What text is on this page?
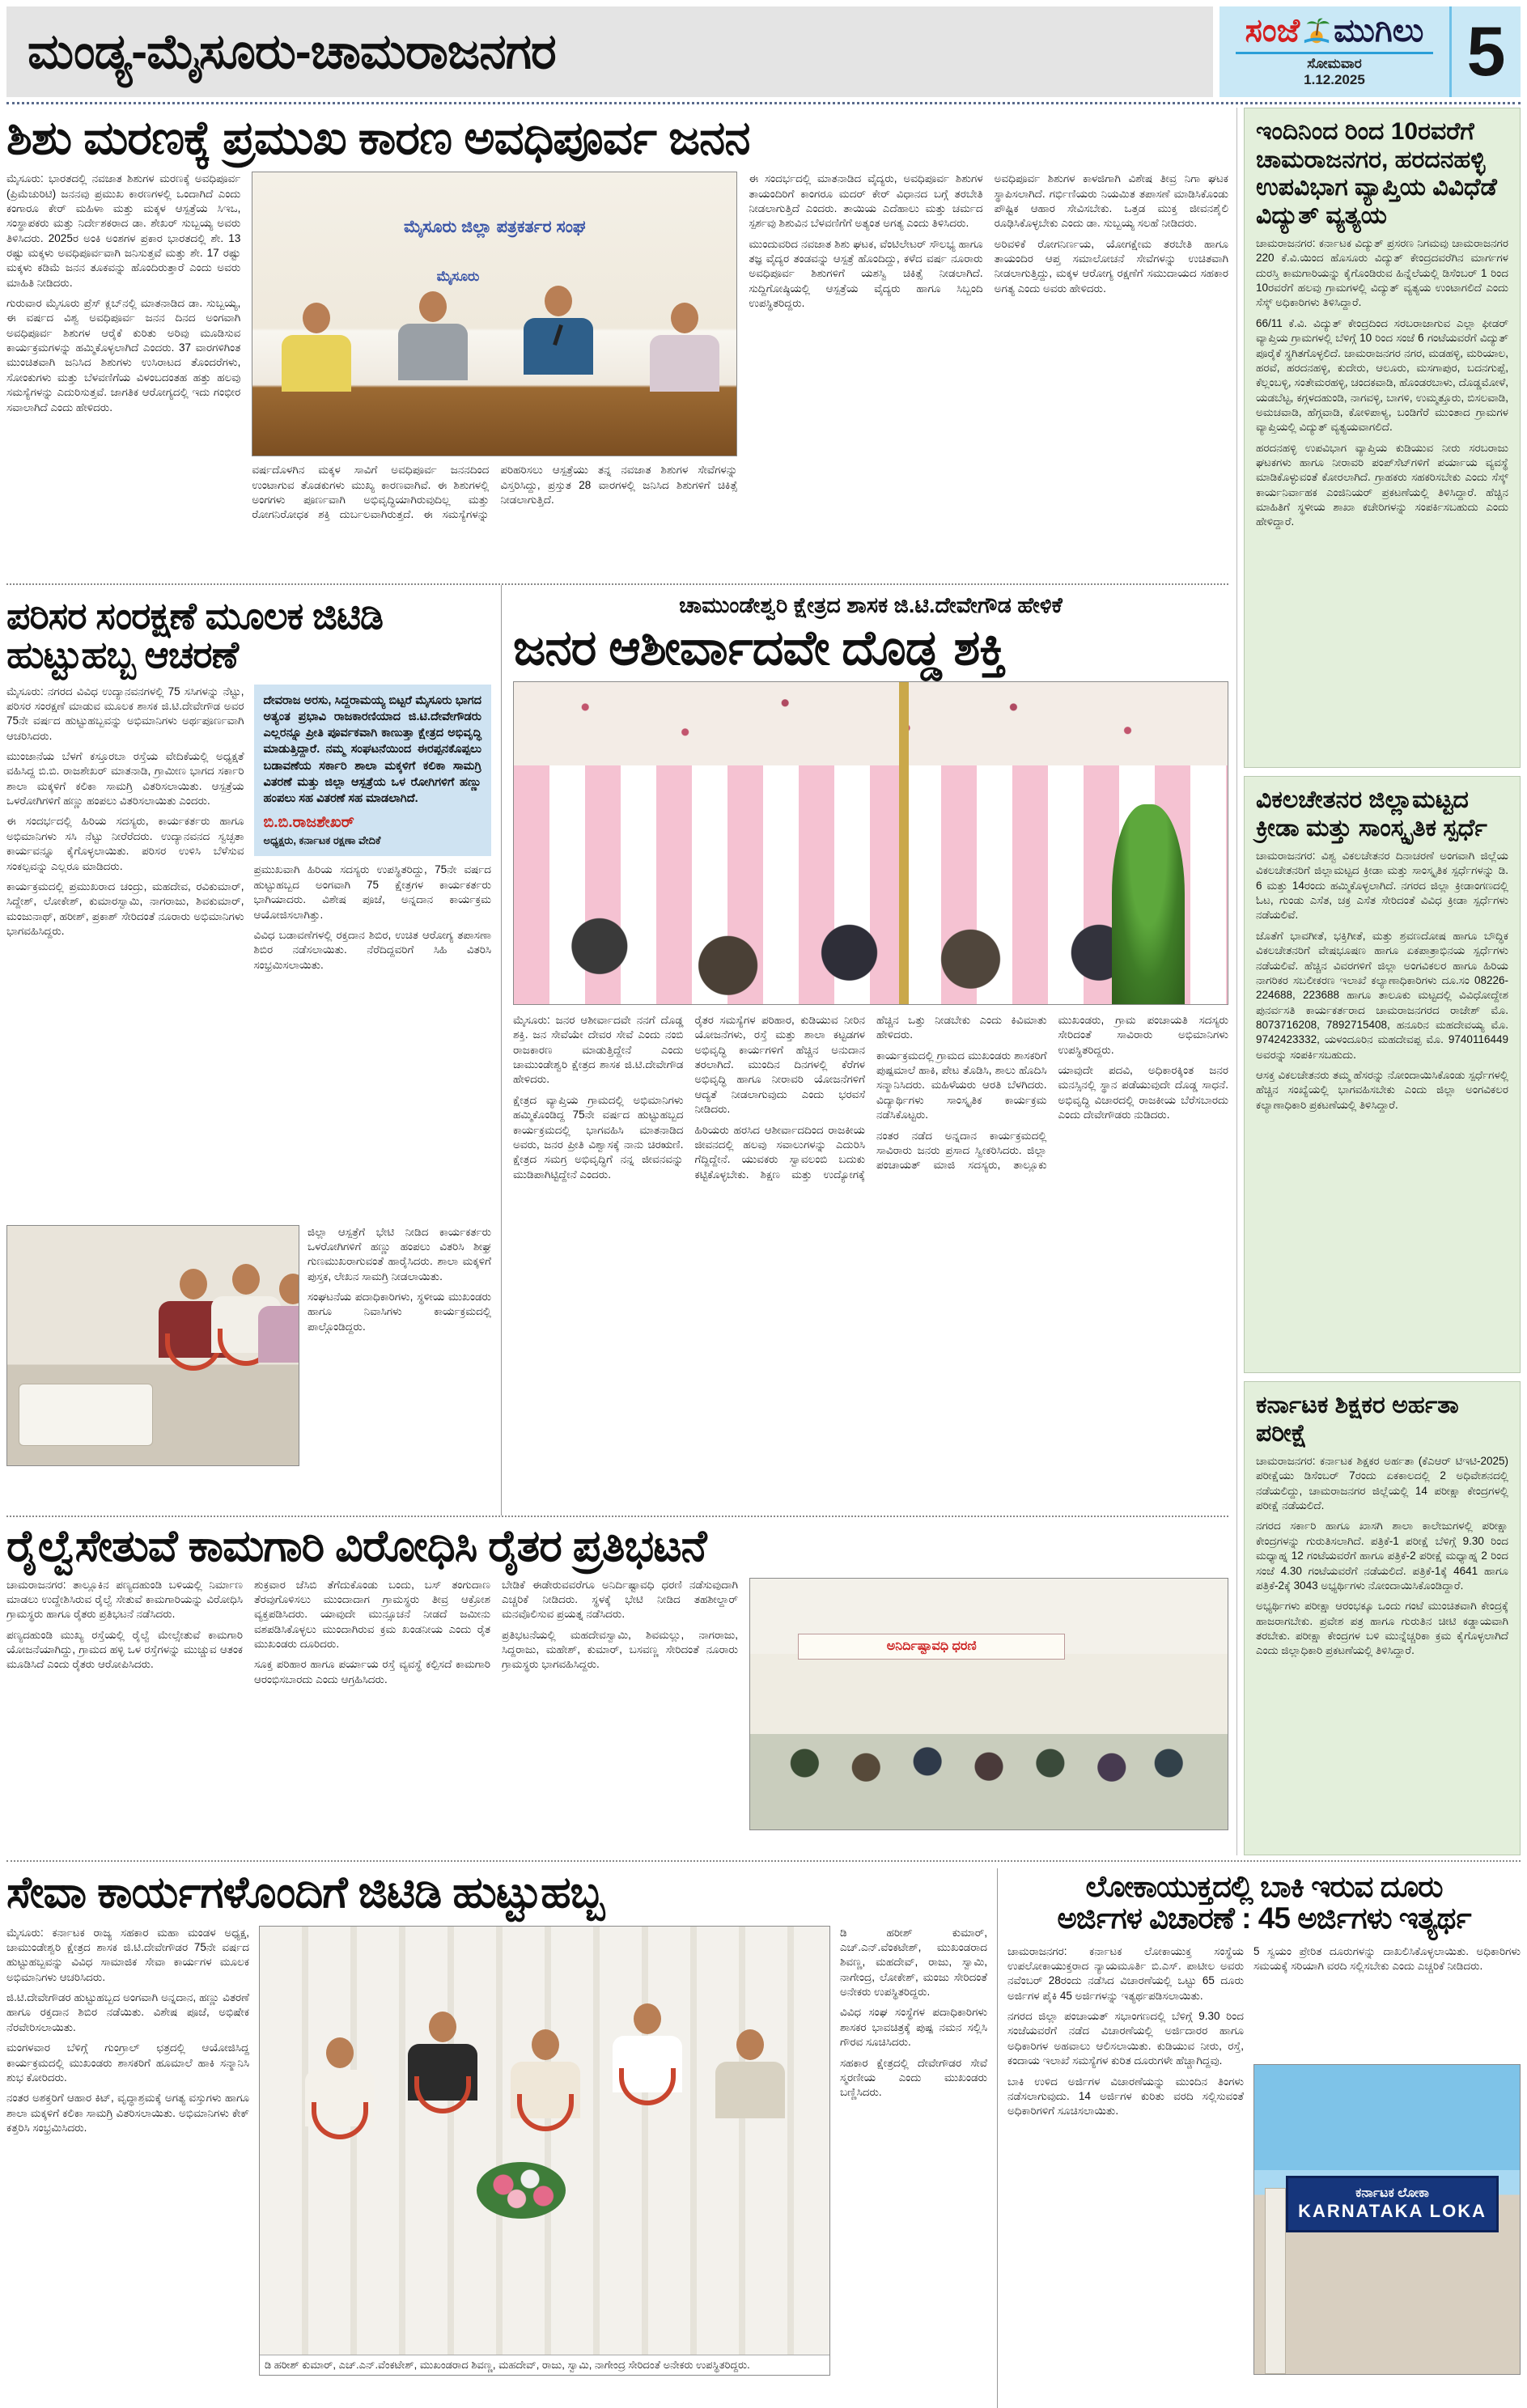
ಮಂಡ್ಯ-ಮೈಸೂರು-ಚಾಮರಾಜನಗರ	ಸಂಜೆ ಮುಗಿಲು
ಸೋಮವಾರ
1.12.2025	5
ಶಿಶು ಮರಣಕ್ಕೆ ಪ್ರಮುಖ ಕಾರಣ ಅವಧಿಪೂರ್ವ ಜನನ

ಮೈಸೂರು: ಭಾರತದಲ್ಲಿ ನವಜಾತ ಶಿಶುಗಳ ಮರಣಕ್ಕೆ ಅವಧಿಪೂರ್ವ (ಪ್ರಿಮೆಚುರಿಟಿ) ಜನನವು ಪ್ರಮುಖ ಕಾರಣಗಳಲ್ಲಿ ಒಂದಾಗಿದೆ ಎಂದು ಕಂಗಾರೂ ಕೇರ್ ಮಹಿಳಾ ಮತ್ತು ಮಕ್ಕಳ ಆಸ್ಪತ್ರೆಯ ಸಿಇಒ, ಸಂಸ್ಥಾಪಕರು ಮತ್ತು ನಿರ್ದೇಶಕರಾದ ಡಾ. ಶೇಖರ್ ಸುಬ್ಬಯ್ಯ ಅವರು ತಿಳಿಸಿದರು. 2025ರ ಅಂಕಿ ಅಂಶಗಳ ಪ್ರಕಾರ ಭಾರತದಲ್ಲಿ ಶೇ. 13 ರಷ್ಟು ಮಕ್ಕಳು ಅವಧಿಪೂರ್ವವಾಗಿ ಜನಿಸುತ್ತವೆ ಮತ್ತು ಶೇ. 17 ರಷ್ಟು ಮಕ್ಕಳು ಕಡಿಮೆ ಜನನ ತೂಕವನ್ನು ಹೊಂದಿರುತ್ತಾರೆ ಎಂದು ಅವರು ಮಾಹಿತಿ ನೀಡಿದರು.

ಗುರುವಾರ ಮೈಸೂರು ಪ್ರೆಸ್ ಕ್ಲಬ್‌ನಲ್ಲಿ ಮಾತನಾಡಿದ ಡಾ. ಸುಬ್ಬಯ್ಯ, ಈ ವರ್ಷದ ವಿಶ್ವ ಅವಧಿಪೂರ್ವ ಜನನ ದಿನದ ಅಂಗವಾಗಿ ಅವಧಿಪೂರ್ವ ಶಿಶುಗಳ ಆರೈಕೆ ಕುರಿತು ಅರಿವು ಮೂಡಿಸುವ ಕಾರ್ಯಕ್ರಮಗಳನ್ನು ಹಮ್ಮಿಕೊಳ್ಳಲಾಗಿದೆ ಎಂದರು. 37 ವಾರಗಳಿಗಿಂತ ಮುಂಚಿತವಾಗಿ ಜನಿಸಿದ ಶಿಶುಗಳು ಉಸಿರಾಟದ ತೊಂದರೆಗಳು, ಸೋಂಕುಗಳು ಮತ್ತು ಬೆಳವಣಿಗೆಯ ವಿಳಂಬದಂತಹ ಹತ್ತು ಹಲವು ಸಮಸ್ಯೆಗಳನ್ನು ಎದುರಿಸುತ್ತವೆ. ಜಾಗತಿಕ ಆರೋಗ್ಯದಲ್ಲಿ ಇದು ಗಂಭೀರ ಸವಾಲಾಗಿದೆ ಎಂದು ಹೇಳಿದರು.

ಮೈಸೂರು ಜಿಲ್ಲಾ ಪತ್ರಕರ್ತರ ಸಂಘ
ಮೈಸೂರು

ವರ್ಷದೊಳಗಿನ ಮಕ್ಕಳ ಸಾವಿಗೆ ಅವಧಿಪೂರ್ವ ಜನನದಿಂದ ಉಂಟಾಗುವ ತೊಡಕುಗಳು ಮುಖ್ಯ ಕಾರಣವಾಗಿವೆ. ಈ ಶಿಶುಗಳಲ್ಲಿ ಅಂಗಗಳು ಪೂರ್ಣವಾಗಿ ಅಭಿವೃದ್ಧಿಯಾಗಿರುವುದಿಲ್ಲ ಮತ್ತು ರೋಗನಿರೋಧಕ ಶಕ್ತಿ ದುರ್ಬಲವಾಗಿರುತ್ತದೆ. ಈ ಸಮಸ್ಯೆಗಳನ್ನು ಪರಿಹರಿಸಲು ಆಸ್ಪತ್ರೆಯು ತನ್ನ ನವಜಾತ ಶಿಶುಗಳ ಸೇವೆಗಳನ್ನು ವಿಸ್ತರಿಸಿದ್ದು, ಪ್ರಸ್ತುತ 28 ವಾರಗಳಲ್ಲಿ ಜನಿಸಿದ ಶಿಶುಗಳಿಗೆ ಚಿಕಿತ್ಸೆ ನೀಡಲಾಗುತ್ತಿದೆ.

ಈ ಸಂದರ್ಭದಲ್ಲಿ ಮಾತನಾಡಿದ ವೈದ್ಯರು, ಅವಧಿಪೂರ್ವ ಶಿಶುಗಳ ತಾಯಂದಿರಿಗೆ ಕಾಂಗರೂ ಮದರ್ ಕೇರ್ ವಿಧಾನದ ಬಗ್ಗೆ ತರಬೇತಿ ನೀಡಲಾಗುತ್ತಿದೆ ಎಂದರು. ತಾಯಿಯ ಎದೆಹಾಲು ಮತ್ತು ಚರ್ಮದ ಸ್ಪರ್ಶವು ಶಿಶುವಿನ ಬೆಳವಣಿಗೆಗೆ ಅತ್ಯಂತ ಅಗತ್ಯ ಎಂದು ತಿಳಿಸಿದರು.

ಮುಂದುವರಿದ ನವಜಾತ ಶಿಶು ಘಟಕ, ವೆಂಟಿಲೇಟರ್ ಸೌಲಭ್ಯ ಹಾಗೂ ತಜ್ಞ ವೈದ್ಯರ ತಂಡವನ್ನು ಆಸ್ಪತ್ರೆ ಹೊಂದಿದ್ದು, ಕಳೆದ ವರ್ಷ ನೂರಾರು ಅವಧಿಪೂರ್ವ ಶಿಶುಗಳಿಗೆ ಯಶಸ್ವಿ ಚಿಕಿತ್ಸೆ ನೀಡಲಾಗಿದೆ. ಸುದ್ದಿಗೋಷ್ಠಿಯಲ್ಲಿ ಆಸ್ಪತ್ರೆಯ ವೈದ್ಯರು ಹಾಗೂ ಸಿಬ್ಬಂದಿ ಉಪಸ್ಥಿತರಿದ್ದರು.

ಅವಧಿಪೂರ್ವ ಶಿಶುಗಳ ಕಾಳಜಿಗಾಗಿ ವಿಶೇಷ ತೀವ್ರ ನಿಗಾ ಘಟಕ ಸ್ಥಾಪಿಸಲಾಗಿದೆ. ಗರ್ಭಿಣಿಯರು ನಿಯಮಿತ ತಪಾಸಣೆ ಮಾಡಿಸಿಕೊಂಡು ಪೌಷ್ಟಿಕ ಆಹಾರ ಸೇವಿಸಬೇಕು. ಒತ್ತಡ ಮುಕ್ತ ಜೀವನಶೈಲಿ ರೂಢಿಸಿಕೊಳ್ಳಬೇಕು ಎಂದು ಡಾ. ಸುಬ್ಬಯ್ಯ ಸಲಹೆ ನೀಡಿದರು.

ಅರಿವಳಿಕೆ ರೋಗನಿರ್ಣಯ, ಯೋಗಕ್ಷೇಮ ತರಬೇತಿ ಹಾಗೂ ತಾಯಂದಿರ ಆಪ್ತ ಸಮಾಲೋಚನೆ ಸೇವೆಗಳನ್ನು ಉಚಿತವಾಗಿ ನೀಡಲಾಗುತ್ತಿದ್ದು, ಮಕ್ಕಳ ಆರೋಗ್ಯ ರಕ್ಷಣೆಗೆ ಸಮುದಾಯದ ಸಹಕಾರ ಅಗತ್ಯ ಎಂದು ಅವರು ಹೇಳಿದರು.

ಪರಿಸರ ಸಂರಕ್ಷಣೆ ಮೂಲಕ ಜಿಟಿಡಿ ಹುಟ್ಟುಹಬ್ಬ ಆಚರಣೆ

ಮೈಸೂರು: ನಗರದ ವಿವಿಧ ಉದ್ಯಾನವನಗಳಲ್ಲಿ 75 ಸಸಿಗಳನ್ನು ನೆಟ್ಟು, ಪರಿಸರ ಸಂರಕ್ಷಣೆ ಮಾಡುವ ಮೂಲಕ ಶಾಸಕ ಜಿ.ಟಿ.ದೇವೇಗೌಡ ಅವರ 75ನೇ ವರ್ಷದ ಹುಟ್ಟುಹಬ್ಬವನ್ನು ಅಭಿಮಾನಿಗಳು ಅರ್ಥಪೂರ್ಣವಾಗಿ ಆಚರಿಸಿದರು.

ಮುಂಜಾನೆಯ ಬೆಳಗೆ ಕಸ್ತೂರಬಾ ರಸ್ತೆಯ ವೇದಿಕೆಯಲ್ಲಿ ಅಧ್ಯಕ್ಷತೆ ವಹಿಸಿದ್ದ ಬಿ.ಬಿ. ರಾಜಶೇಖರ್ ಮಾತನಾಡಿ, ಗ್ರಾಮೀಣ ಭಾಗದ ಸರ್ಕಾರಿ ಶಾಲಾ ಮಕ್ಕಳಿಗೆ ಕಲಿಕಾ ಸಾಮಗ್ರಿ ವಿತರಿಸಲಾಯಿತು. ಆಸ್ಪತ್ರೆಯ ಒಳರೋಗಿಗಳಿಗೆ ಹಣ್ಣು ಹಂಪಲು ವಿತರಿಸಲಾಯಿತು ಎಂದರು.

ಈ ಸಂದರ್ಭದಲ್ಲಿ ಹಿರಿಯ ಸದಸ್ಯರು, ಕಾರ್ಯಕರ್ತರು ಹಾಗೂ ಅಭಿಮಾನಿಗಳು ಸಸಿ ನೆಟ್ಟು ನೀರೆರೆದರು. ಉದ್ಯಾನವನದ ಸ್ವಚ್ಛತಾ ಕಾರ್ಯವನ್ನೂ ಕೈಗೊಳ್ಳಲಾಯಿತು. ಪರಿಸರ ಉಳಿಸಿ ಬೆಳೆಸುವ ಸಂಕಲ್ಪವನ್ನು ಎಲ್ಲರೂ ಮಾಡಿದರು.

ಕಾರ್ಯಕ್ರಮದಲ್ಲಿ ಪ್ರಮುಖರಾದ ಚಂದ್ರು, ಮಹದೇವ, ರವಿಕುಮಾರ್, ಸಿದ್ದೇಶ್, ಲೋಕೇಶ್, ಕುಮಾರಸ್ವಾಮಿ, ನಾಗರಾಜು, ಶಿವಕುಮಾರ್, ಮಂಜುನಾಥ್, ಹರೀಶ್, ಪ್ರಕಾಶ್ ಸೇರಿದಂತೆ ನೂರಾರು ಅಭಿಮಾನಿಗಳು ಭಾಗವಹಿಸಿದ್ದರು.

ದೇವರಾಜ ಅರಸು, ಸಿದ್ದರಾಮಯ್ಯ ಬಿಟ್ಟರೆ ಮೈಸೂರು ಭಾಗದ ಅತ್ಯಂತ ಪ್ರಭಾವಿ ರಾಜಕಾರಣಿಯಾದ ಜಿ.ಟಿ.ದೇವೇಗೌಡರು ಎಲ್ಲರನ್ನೂ ಪ್ರೀತಿ ಪೂರ್ವಕವಾಗಿ ಕಾಣುತ್ತಾ ಕ್ಷೇತ್ರದ ಅಭಿವೃದ್ಧಿ ಮಾಡುತ್ತಿದ್ದಾರೆ. ನಮ್ಮ ಸಂಘಟನೆಯಿಂದ ಈರಪ್ಪನಕೊಪ್ಪಲು ಬಡಾವಣೆಯ ಸರ್ಕಾರಿ ಶಾಲಾ ಮಕ್ಕಳಿಗೆ ಕಲಿಕಾ ಸಾಮಗ್ರಿ ವಿತರಣೆ ಮತ್ತು ಜಿಲ್ಲಾ ಆಸ್ಪತ್ರೆಯ ಒಳ ರೋಗಿಗಳಿಗೆ ಹಣ್ಣು ಹಂಪಲು ಸಹ ವಿತರಣೆ ಸಹ ಮಾಡಲಾಗಿದೆ.
ಬಿ.ಬಿ.ರಾಜಶೇಖರ್
ಅಧ್ಯಕ್ಷರು, ಕರ್ನಾಟಕ ರಕ್ಷಣಾ ವೇದಿಕೆ

ಪ್ರಮುಖವಾಗಿ ಹಿರಿಯ ಸದಸ್ಯರು ಉಪಸ್ಥಿತರಿದ್ದು, 75ನೇ ವರ್ಷದ ಹುಟ್ಟುಹಬ್ಬದ ಅಂಗವಾಗಿ 75 ಕ್ಷೇತ್ರಗಳ ಕಾರ್ಯಕರ್ತರು ಭಾಗಿಯಾದರು. ವಿಶೇಷ ಪೂಜೆ, ಅನ್ನದಾನ ಕಾರ್ಯಕ್ರಮ ಆಯೋಜಿಸಲಾಗಿತ್ತು.

ವಿವಿಧ ಬಡಾವಣೆಗಳಲ್ಲಿ ರಕ್ತದಾನ ಶಿಬಿರ, ಉಚಿತ ಆರೋಗ್ಯ ತಪಾಸಣಾ ಶಿಬಿರ ನಡೆಸಲಾಯಿತು. ನೆರೆದಿದ್ದವರಿಗೆ ಸಿಹಿ ವಿತರಿಸಿ ಸಂಭ್ರಮಿಸಲಾಯಿತು.

ಜಿಲ್ಲಾ ಆಸ್ಪತ್ರೆಗೆ ಭೇಟಿ ನೀಡಿದ ಕಾರ್ಯಕರ್ತರು ಒಳರೋಗಿಗಳಿಗೆ ಹಣ್ಣು ಹಂಪಲು ವಿತರಿಸಿ ಶೀಘ್ರ ಗುಣಮುಖರಾಗುವಂತೆ ಹಾರೈಸಿದರು. ಶಾಲಾ ಮಕ್ಕಳಿಗೆ ಪುಸ್ತಕ, ಲೇಖನ ಸಾಮಗ್ರಿ ನೀಡಲಾಯಿತು.

ಸಂಘಟನೆಯ ಪದಾಧಿಕಾರಿಗಳು, ಸ್ಥಳೀಯ ಮುಖಂಡರು ಹಾಗೂ ನಿವಾಸಿಗಳು ಕಾರ್ಯಕ್ರಮದಲ್ಲಿ ಪಾಲ್ಗೊಂಡಿದ್ದರು.

ಚಾಮುಂಡೇಶ್ವರಿ ಕ್ಷೇತ್ರದ ಶಾಸಕ ಜಿ.ಟಿ.ದೇವೇಗೌಡ ಹೇಳಿಕೆ
ಜನರ ಆಶೀರ್ವಾದವೇ ದೊಡ್ಡ ಶಕ್ತಿ

ಮೈಸೂರು: ಜನರ ಆಶೀರ್ವಾದವೇ ನನಗೆ ದೊಡ್ಡ ಶಕ್ತಿ. ಜನ ಸೇವೆಯೇ ದೇವರ ಸೇವೆ ಎಂದು ನಂಬಿ ರಾಜಕಾರಣ ಮಾಡುತ್ತಿದ್ದೇನೆ ಎಂದು ಚಾಮುಂಡೇಶ್ವರಿ ಕ್ಷೇತ್ರದ ಶಾಸಕ ಜಿ.ಟಿ.ದೇವೇಗೌಡ ಹೇಳಿದರು.

ಕ್ಷೇತ್ರದ ವ್ಯಾಪ್ತಿಯ ಗ್ರಾಮದಲ್ಲಿ ಅಭಿಮಾನಿಗಳು ಹಮ್ಮಿಕೊಂಡಿದ್ದ 75ನೇ ವರ್ಷದ ಹುಟ್ಟುಹಬ್ಬದ ಕಾರ್ಯಕ್ರಮದಲ್ಲಿ ಭಾಗವಹಿಸಿ ಮಾತನಾಡಿದ ಅವರು, ಜನರ ಪ್ರೀತಿ ವಿಶ್ವಾಸಕ್ಕೆ ನಾನು ಚಿರಋಣಿ. ಕ್ಷೇತ್ರದ ಸಮಗ್ರ ಅಭಿವೃದ್ಧಿಗೆ ನನ್ನ ಜೀವನವನ್ನು ಮುಡಿಪಾಗಿಟ್ಟಿದ್ದೇನೆ ಎಂದರು.

ರೈತರ ಸಮಸ್ಯೆಗಳ ಪರಿಹಾರ, ಕುಡಿಯುವ ನೀರಿನ ಯೋಜನೆಗಳು, ರಸ್ತೆ ಮತ್ತು ಶಾಲಾ ಕಟ್ಟಡಗಳ ಅಭಿವೃದ್ಧಿ ಕಾರ್ಯಗಳಿಗೆ ಹೆಚ್ಚಿನ ಅನುದಾನ ತರಲಾಗಿದೆ. ಮುಂದಿನ ದಿನಗಳಲ್ಲಿ ಕೆರೆಗಳ ಅಭಿವೃದ್ಧಿ ಹಾಗೂ ನೀರಾವರಿ ಯೋಜನೆಗಳಿಗೆ ಆದ್ಯತೆ ನೀಡಲಾಗುವುದು ಎಂದು ಭರವಸೆ ನೀಡಿದರು.

ಹಿರಿಯರು ಹರಸಿದ ಆಶೀರ್ವಾದದಿಂದ ರಾಜಕೀಯ ಜೀವನದಲ್ಲಿ ಹಲವು ಸವಾಲುಗಳನ್ನು ಎದುರಿಸಿ ಗೆದ್ದಿದ್ದೇನೆ. ಯುವಕರು ಸ್ವಾವಲಂಬಿ ಬದುಕು ಕಟ್ಟಿಕೊಳ್ಳಬೇಕು. ಶಿಕ್ಷಣ ಮತ್ತು ಉದ್ಯೋಗಕ್ಕೆ ಹೆಚ್ಚಿನ ಒತ್ತು ನೀಡಬೇಕು ಎಂದು ಕಿವಿಮಾತು ಹೇಳಿದರು.

ಕಾರ್ಯಕ್ರಮದಲ್ಲಿ ಗ್ರಾಮದ ಮುಖಂಡರು ಶಾಸಕರಿಗೆ ಪುಷ್ಪಮಾಲೆ ಹಾಕಿ, ಪೇಟ ತೊಡಿಸಿ, ಶಾಲು ಹೊದಿಸಿ ಸನ್ಮಾನಿಸಿದರು. ಮಹಿಳೆಯರು ಆರತಿ ಬೆಳಗಿದರು. ವಿದ್ಯಾರ್ಥಿಗಳು ಸಾಂಸ್ಕೃತಿಕ ಕಾರ್ಯಕ್ರಮ ನಡೆಸಿಕೊಟ್ಟರು.

ನಂತರ ನಡೆದ ಅನ್ನದಾನ ಕಾರ್ಯಕ್ರಮದಲ್ಲಿ ಸಾವಿರಾರು ಜನರು ಪ್ರಸಾದ ಸ್ವೀಕರಿಸಿದರು. ಜಿಲ್ಲಾ ಪಂಚಾಯತ್ ಮಾಜಿ ಸದಸ್ಯರು, ತಾಲ್ಲೂಕು ಮುಖಂಡರು, ಗ್ರಾಮ ಪಂಚಾಯತಿ ಸದಸ್ಯರು ಸೇರಿದಂತೆ ಸಾವಿರಾರು ಅಭಿಮಾನಿಗಳು ಉಪಸ್ಥಿತರಿದ್ದರು.

ಯಾವುದೇ ಪದವಿ, ಅಧಿಕಾರಕ್ಕಿಂತ ಜನರ ಮನಸ್ಸಿನಲ್ಲಿ ಸ್ಥಾನ ಪಡೆಯುವುದೇ ದೊಡ್ಡ ಸಾಧನೆ. ಅಭಿವೃದ್ಧಿ ವಿಚಾರದಲ್ಲಿ ರಾಜಕೀಯ ಬೆರೆಸಬಾರದು ಎಂದು ದೇವೇಗೌಡರು ನುಡಿದರು.

ರೈಲ್ವೆಸೇತುವೆ ಕಾಮಗಾರಿ ವಿರೋಧಿಸಿ ರೈತರ ಪ್ರತಿಭಟನೆ

ಚಾಮರಾಜನಗರ: ತಾಲ್ಲೂಕಿನ ಪಣ್ಯದಹುಂಡಿ ಬಳಿಯಲ್ಲಿ ನಿರ್ಮಾಣ ಮಾಡಲು ಉದ್ದೇಶಿಸಿರುವ ರೈಲ್ವೆ ಸೇತುವೆ ಕಾಮಗಾರಿಯನ್ನು ವಿರೋಧಿಸಿ ಗ್ರಾಮಸ್ಥರು ಹಾಗೂ ರೈತರು ಪ್ರತಿಭಟನೆ ನಡೆಸಿದರು.

ಪಣ್ಯದಹುಂಡಿ ಮುಖ್ಯ ರಸ್ತೆಯಲ್ಲಿ ರೈಲ್ವೆ ಮೇಲ್ಸೇತುವೆ ಕಾಮಗಾರಿ ಯೋಜನೆಯಾಗಿದ್ದು, ಗ್ರಾಮದ ಹಳ್ಳಿ ಒಳ ರಸ್ತೆಗಳನ್ನು ಮುಚ್ಚುವ ಆತಂಕ ಮೂಡಿಸಿದೆ ಎಂದು ರೈತರು ಆರೋಪಿಸಿದರು.

ಶುಕ್ರವಾರ ಜೆಸಿಬಿ ತೆಗೆದುಕೊಂಡು ಬಂದು, ಬಸ್ ತಂಗುದಾಣ ತೆರವುಗೊಳಿಸಲು ಮುಂದಾದಾಗ ಗ್ರಾಮಸ್ಥರು ತೀವ್ರ ಆಕ್ರೋಶ ವ್ಯಕ್ತಪಡಿಸಿದರು. ಯಾವುದೇ ಮುನ್ಸೂಚನೆ ನೀಡದೆ ಜಮೀನು ವಶಪಡಿಸಿಕೊಳ್ಳಲು ಮುಂದಾಗಿರುವ ಕ್ರಮ ಖಂಡನೀಯ ಎಂದು ರೈತ ಮುಖಂಡರು ದೂರಿದರು.

ಸೂಕ್ತ ಪರಿಹಾರ ಹಾಗೂ ಪರ್ಯಾಯ ರಸ್ತೆ ವ್ಯವಸ್ಥೆ ಕಲ್ಪಿಸದೆ ಕಾಮಗಾರಿ ಆರಂಭಿಸಬಾರದು ಎಂದು ಆಗ್ರಹಿಸಿದರು.

ಬೇಡಿಕೆ ಈಡೇರುವವರೆಗೂ ಅನಿರ್ದಿಷ್ಟಾವಧಿ ಧರಣಿ ನಡೆಸುವುದಾಗಿ ಎಚ್ಚರಿಕೆ ನೀಡಿದರು. ಸ್ಥಳಕ್ಕೆ ಭೇಟಿ ನೀಡಿದ ತಹಶೀಲ್ದಾರ್ ಮನವೊಲಿಸುವ ಪ್ರಯತ್ನ ನಡೆಸಿದರು.

ಪ್ರತಿಭಟನೆಯಲ್ಲಿ ಮಹದೇವಸ್ವಾಮಿ, ಶಿವಮಲ್ಲು, ನಾಗರಾಜು, ಸಿದ್ದರಾಜು, ಮಹೇಶ್, ಕುಮಾರ್, ಬಸವಣ್ಣ ಸೇರಿದಂತೆ ನೂರಾರು ಗ್ರಾಮಸ್ಥರು ಭಾಗವಹಿಸಿದ್ದರು.

ಅನಿರ್ದಿಷ್ಟಾವಧಿ ಧರಣಿ
ಇಂದಿನಿಂದ ರಿಂದ 10ರವರೆಗೆ ಚಾಮರಾಜನಗರ, ಹರದನಹಳ್ಳಿ ಉಪವಿಭಾಗ ವ್ಯಾಪ್ತಿಯ ವಿವಿಧೆಡೆ ವಿದ್ಯುತ್ ವ್ಯತ್ಯಯ

ಚಾಮರಾಜನಗರ: ಕರ್ನಾಟಕ ವಿದ್ಯುತ್ ಪ್ರಸರಣ ನಿಗಮವು ಚಾಮರಾಜನಗರ 220 ಕೆ.ವಿ.ಯಿಂದ ಹೊಸೂರು ವಿದ್ಯುತ್ ಕೇಂದ್ರದವರೆಗಿನ ಮಾರ್ಗಗಳ ದುರಸ್ತಿ ಕಾಮಗಾರಿಯನ್ನು ಕೈಗೊಂಡಿರುವ ಹಿನ್ನೆಲೆಯಲ್ಲಿ ಡಿಸೆಂಬರ್ 1 ರಿಂದ 10ರವರೆಗೆ ಹಲವು ಗ್ರಾಮಗಳಲ್ಲಿ ವಿದ್ಯುತ್ ವ್ಯತ್ಯಯ ಉಂಟಾಗಲಿದೆ ಎಂದು ಸೆಸ್ಕ್ ಅಧಿಕಾರಿಗಳು ತಿಳಿಸಿದ್ದಾರೆ.

66/11 ಕೆ.ವಿ. ವಿದ್ಯುತ್ ಕೇಂದ್ರದಿಂದ ಸರಬರಾಜಾಗುವ ಎಲ್ಲಾ ಫೀಡರ್ ವ್ಯಾಪ್ತಿಯ ಗ್ರಾಮಗಳಲ್ಲಿ ಬೆಳಿಗ್ಗೆ 10 ರಿಂದ ಸಂಜೆ 6 ಗಂಟೆಯವರೆಗೆ ವಿದ್ಯುತ್ ಪೂರೈಕೆ ಸ್ಥಗಿತಗೊಳ್ಳಲಿದೆ. ಚಾಮರಾಜನಗರ ನಗರ, ಮಡಹಳ್ಳಿ, ಮರಿಯಾಲ, ಹರವೆ, ಹರದನಹಳ್ಳಿ, ಕುದೇರು, ಆಲೂರು, ಮಸಗಾಪುರ, ಬದನಗುಪ್ಪೆ, ಕೆಲ್ಲಂಬಳ್ಳಿ, ಸಂತೇಮರಹಳ್ಳಿ, ಚಂದಕವಾಡಿ, ಹೊಂಡರಬಾಳು, ದೊಡ್ಡಮೋಳೆ, ಯಡಬೆಟ್ಟ, ಕಗ್ಗಳದಹುಂಡಿ, ನಾಗವಳ್ಳಿ, ಬಾಗಳಿ, ಉಮ್ಮತ್ತೂರು, ಬಿಸಲವಾಡಿ, ಅಮಚವಾಡಿ, ಹೆಗ್ಗವಾಡಿ, ಕೋಳಿಪಾಳ್ಯ, ಬಂಡಿಗೆರೆ ಮುಂತಾದ ಗ್ರಾಮಗಳ ವ್ಯಾಪ್ತಿಯಲ್ಲಿ ವಿದ್ಯುತ್ ವ್ಯತ್ಯಯವಾಗಲಿದೆ.

ಹರದನಹಳ್ಳಿ ಉಪವಿಭಾಗ ವ್ಯಾಪ್ತಿಯ ಕುಡಿಯುವ ನೀರು ಸರಬರಾಜು ಘಟಕಗಳು ಹಾಗೂ ನೀರಾವರಿ ಪಂಪ್‌ಸೆಟ್‌ಗಳಿಗೆ ಪರ್ಯಾಯ ವ್ಯವಸ್ಥೆ ಮಾಡಿಕೊಳ್ಳುವಂತೆ ಕೋರಲಾಗಿದೆ. ಗ್ರಾಹಕರು ಸಹಕರಿಸಬೇಕು ಎಂದು ಸೆಸ್ಕ್ ಕಾರ್ಯನಿರ್ವಾಹಕ ಎಂಜಿನಿಯರ್ ಪ್ರಕಟಣೆಯಲ್ಲಿ ತಿಳಿಸಿದ್ದಾರೆ. ಹೆಚ್ಚಿನ ಮಾಹಿತಿಗೆ ಸ್ಥಳೀಯ ಶಾಖಾ ಕಚೇರಿಗಳನ್ನು ಸಂಪರ್ಕಿಸಬಹುದು ಎಂದು ಹೇಳಿದ್ದಾರೆ.

ವಿಕಲಚೇತನರ ಜಿಲ್ಲಾಮಟ್ಟದ ಕ್ರೀಡಾ ಮತ್ತು ಸಾಂಸ್ಕೃತಿಕ ಸ್ಪರ್ಧೆ

ಚಾಮರಾಜನಗರ: ವಿಶ್ವ ವಿಕಲಚೇತನರ ದಿನಾಚರಣೆ ಅಂಗವಾಗಿ ಜಿಲ್ಲೆಯ ವಿಕಲಚೇತನರಿಗೆ ಜಿಲ್ಲಾಮಟ್ಟದ ಕ್ರೀಡಾ ಮತ್ತು ಸಾಂಸ್ಕೃತಿಕ ಸ್ಪರ್ಧೆಗಳನ್ನು ಡಿ. 6 ಮತ್ತು 14ರಂದು ಹಮ್ಮಿಕೊಳ್ಳಲಾಗಿದೆ. ನಗರದ ಜಿಲ್ಲಾ ಕ್ರೀಡಾಂಗಣದಲ್ಲಿ ಓಟ, ಗುಂಡು ಎಸೆತ, ಚಕ್ರ ಎಸೆತ ಸೇರಿದಂತೆ ವಿವಿಧ ಕ್ರೀಡಾ ಸ್ಪರ್ಧೆಗಳು ನಡೆಯಲಿವೆ.

ಜೊತೆಗೆ ಭಾವಗೀತೆ, ಭಕ್ತಿಗೀತೆ, ಮತ್ತು ಶ್ರವಣದೋಷ ಹಾಗೂ ಬೌದ್ಧಿಕ ವಿಕಲಚೇತನರಿಗೆ ವೇಷಭೂಷಣ ಹಾಗೂ ಏಕಪಾತ್ರಾಭಿನಯ ಸ್ಪರ್ಧೆಗಳು ನಡೆಯಲಿವೆ. ಹೆಚ್ಚಿನ ವಿವರಗಳಿಗೆ ಜಿಲ್ಲಾ ಅಂಗವಿಕಲರ ಹಾಗೂ ಹಿರಿಯ ನಾಗರಿಕರ ಸಬಲೀಕರಣ ಇಲಾಖೆ ಕಲ್ಯಾಣಾಧಿಕಾರಿಗಳು ದೂ.ಸಂ 08226-224688, 223688 ಹಾಗೂ ತಾಲೂಕು ಮಟ್ಟದಲ್ಲಿ ವಿವಿಧೋದ್ದೇಶ ಪುನರ್ವಸತಿ ಕಾರ್ಯಕರ್ತರಾದ ಚಾಮರಾಜನಗರದ ರಾಜೇಶ್ ಮೊ. 8073716208, 7892715408, ಹನೂರಿನ ಮಹದೇವಯ್ಯ ಮೊ. 9742423332, ಯಳಂದೂರಿನ ಮಹದೇವಪ್ಪ ಮೊ. 9740116449 ಅವರನ್ನು ಸಂಪರ್ಕಿಸಬಹುದು.

ಆಸಕ್ತ ವಿಕಲಚೇತನರು ತಮ್ಮ ಹೆಸರನ್ನು ನೋಂದಾಯಿಸಿಕೊಂಡು ಸ್ಪರ್ಧೆಗಳಲ್ಲಿ ಹೆಚ್ಚಿನ ಸಂಖ್ಯೆಯಲ್ಲಿ ಭಾಗವಹಿಸಬೇಕು ಎಂದು ಜಿಲ್ಲಾ ಅಂಗವಿಕಲರ ಕಲ್ಯಾಣಾಧಿಕಾರಿ ಪ್ರಕಟಣೆಯಲ್ಲಿ ತಿಳಿಸಿದ್ದಾರೆ.

ಕರ್ನಾಟಕ ಶಿಕ್ಷಕರ ಅರ್ಹತಾ ಪರೀಕ್ಷೆ

ಚಾಮರಾಜನಗರ: ಕರ್ನಾಟಕ ಶಿಕ್ಷಕರ ಅರ್ಹತಾ (ಕೆಎಆರ್ ಟಿಇಟಿ-2025) ಪರೀಕ್ಷೆಯು ಡಿಸೆಂಬರ್ 7ರಂದು ಏಕಕಾಲದಲ್ಲಿ 2 ಅಧಿವೇಶನದಲ್ಲಿ ನಡೆಯಲಿದ್ದು, ಚಾಮರಾಜನಗರ ಜಿಲ್ಲೆಯಲ್ಲಿ 14 ಪರೀಕ್ಷಾ ಕೇಂದ್ರಗಳಲ್ಲಿ ಪರೀಕ್ಷೆ ನಡೆಯಲಿದೆ.

ನಗರದ ಸರ್ಕಾರಿ ಹಾಗೂ ಖಾಸಗಿ ಶಾಲಾ ಕಾಲೇಜುಗಳಲ್ಲಿ ಪರೀಕ್ಷಾ ಕೇಂದ್ರಗಳನ್ನು ಗುರುತಿಸಲಾಗಿದೆ. ಪತ್ರಿಕೆ-1 ಪರೀಕ್ಷೆ ಬೆಳಿಗ್ಗೆ 9.30 ರಿಂದ ಮಧ್ಯಾಹ್ನ 12 ಗಂಟೆಯವರೆಗೆ ಹಾಗೂ ಪತ್ರಿಕೆ-2 ಪರೀಕ್ಷೆ ಮಧ್ಯಾಹ್ನ 2 ರಿಂದ ಸಂಜೆ 4.30 ಗಂಟೆಯವರೆಗೆ ನಡೆಯಲಿದೆ. ಪತ್ರಿಕೆ-1ಕ್ಕೆ 4641 ಹಾಗೂ ಪತ್ರಿಕೆ-2ಕ್ಕೆ 3043 ಅಭ್ಯರ್ಥಿಗಳು ನೋಂದಾಯಿಸಿಕೊಂಡಿದ್ದಾರೆ.

ಅಭ್ಯರ್ಥಿಗಳು ಪರೀಕ್ಷಾ ಆರಂಭಕ್ಕೂ ಒಂದು ಗಂಟೆ ಮುಂಚಿತವಾಗಿ ಕೇಂದ್ರಕ್ಕೆ ಹಾಜರಾಗಬೇಕು. ಪ್ರವೇಶ ಪತ್ರ ಹಾಗೂ ಗುರುತಿನ ಚೀಟಿ ಕಡ್ಡಾಯವಾಗಿ ತರಬೇಕು. ಪರೀಕ್ಷಾ ಕೇಂದ್ರಗಳ ಬಳಿ ಮುನ್ನೆಚ್ಚರಿಕಾ ಕ್ರಮ ಕೈಗೊಳ್ಳಲಾಗಿದೆ ಎಂದು ಜಿಲ್ಲಾಧಿಕಾರಿ ಪ್ರಕಟಣೆಯಲ್ಲಿ ತಿಳಿಸಿದ್ದಾರೆ.

ಸೇವಾ ಕಾರ್ಯಗಳೊಂದಿಗೆ ಜಿಟಿಡಿ ಹುಟ್ಟುಹಬ್ಬ

ಮೈಸೂರು: ಕರ್ನಾಟಕ ರಾಜ್ಯ ಸಹಕಾರ ಮಹಾ ಮಂಡಳ ಅಧ್ಯಕ್ಷ, ಚಾಮುಂಡೇಶ್ವರಿ ಕ್ಷೇತ್ರದ ಶಾಸಕ ಜಿ.ಟಿ.ದೇವೇಗೌಡರ 75ನೇ ವರ್ಷದ ಹುಟ್ಟುಹಬ್ಬವನ್ನು ವಿವಿಧ ಸಾಮಾಜಿಕ ಸೇವಾ ಕಾರ್ಯಗಳ ಮೂಲಕ ಅಭಿಮಾನಿಗಳು ಆಚರಿಸಿದರು.

ಜಿ.ಟಿ.ದೇವೇಗೌಡರ ಹುಟ್ಟುಹಬ್ಬದ ಅಂಗವಾಗಿ ಅನ್ನದಾನ, ಹಣ್ಣು ವಿತರಣೆ ಹಾಗೂ ರಕ್ತದಾನ ಶಿಬಿರ ನಡೆಯಿತು. ವಿಶೇಷ ಪೂಜೆ, ಅಭಿಷೇಕ ನೆರವೇರಿಸಲಾಯಿತು.

ಮಂಗಳವಾರ ಬೆಳಿಗ್ಗೆ ಗುಂಗ್ರಾಲ್ ಛತ್ರದಲ್ಲಿ ಆಯೋಜಿಸಿದ್ದ ಕಾರ್ಯಕ್ರಮದಲ್ಲಿ ಮುಖಂಡರು ಶಾಸಕರಿಗೆ ಹೂಮಾಲೆ ಹಾಕಿ ಸನ್ಮಾನಿಸಿ ಶುಭ ಕೋರಿದರು.

ನಂತರ ಅಶಕ್ತರಿಗೆ ಆಹಾರ ಕಿಟ್, ವೃದ್ಧಾಶ್ರಮಕ್ಕೆ ಅಗತ್ಯ ವಸ್ತುಗಳು ಹಾಗೂ ಶಾಲಾ ಮಕ್ಕಳಿಗೆ ಕಲಿಕಾ ಸಾಮಗ್ರಿ ವಿತರಿಸಲಾಯಿತು. ಅಭಿಮಾನಿಗಳು ಕೇಕ್ ಕತ್ತರಿಸಿ ಸಂಭ್ರಮಿಸಿದರು.

ಡಿ ಹರೀಶ್ ಕುಮಾರ್, ಎಚ್.ಎನ್.ವೆಂಕಟೇಶ್, ಮುಖಂಡರಾದ ಶಿವಣ್ಣ, ಮಹದೇವ್, ರಾಜು, ಸ್ವಾಮಿ, ನಾಗೇಂದ್ರ ಸೇರಿದಂತೆ ಅನೇಕರು ಉಪಸ್ಥಿತರಿದ್ದರು.

ಡಿ ಹರೀಶ್ ಕುಮಾರ್, ಎಚ್.ಎನ್.ವೆಂಕಟೇಶ್, ಮುಖಂಡರಾದ ಶಿವಣ್ಣ, ಮಹದೇವ್, ರಾಜು, ಸ್ವಾಮಿ, ನಾಗೇಂದ್ರ, ಲೋಕೇಶ್, ಮಂಜು ಸೇರಿದಂತೆ ಅನೇಕರು ಉಪಸ್ಥಿತರಿದ್ದರು.

ವಿವಿಧ ಸಂಘ ಸಂಸ್ಥೆಗಳ ಪದಾಧಿಕಾರಿಗಳು ಶಾಸಕರ ಭಾವಚಿತ್ರಕ್ಕೆ ಪುಷ್ಪ ನಮನ ಸಲ್ಲಿಸಿ ಗೌರವ ಸೂಚಿಸಿದರು.

ಸಹಕಾರ ಕ್ಷೇತ್ರದಲ್ಲಿ ದೇವೇಗೌಡರ ಸೇವೆ ಸ್ಮರಣೀಯ ಎಂದು ಮುಖಂಡರು ಬಣ್ಣಿಸಿದರು.

ಲೋಕಾಯುಕ್ತದಲ್ಲಿ ಬಾಕಿ ಇರುವ ದೂರು
ಅರ್ಜಿಗಳ ವಿಚಾರಣೆ : 45 ಅರ್ಜಿಗಳು ಇತ್ಯರ್ಥ

ಚಾಮರಾಜನಗರ: ಕರ್ನಾಟಕ ಲೋಕಾಯುಕ್ತ ಸಂಸ್ಥೆಯ ಉಪಲೋಕಾಯುಕ್ತರಾದ ನ್ಯಾಯಮೂರ್ತಿ ಬಿ.ಎಸ್. ಪಾಟೀಲ ಅವರು ನವೆಂಬರ್ 28ರಂದು ನಡೆಸಿದ ವಿಚಾರಣೆಯಲ್ಲಿ ಒಟ್ಟು 65 ದೂರು ಅರ್ಜಿಗಳ ಪೈಕಿ 45 ಅರ್ಜಿಗಳನ್ನು ಇತ್ಯರ್ಥಪಡಿಸಲಾಯಿತು.

ನಗರದ ಜಿಲ್ಲಾ ಪಂಚಾಯತ್ ಸಭಾಂಗಣದಲ್ಲಿ ಬೆಳಿಗ್ಗೆ 9.30 ರಿಂದ ಸಂಜೆಯವರೆಗೆ ನಡೆದ ವಿಚಾರಣೆಯಲ್ಲಿ ಅರ್ಜಿದಾರರ ಹಾಗೂ ಅಧಿಕಾರಿಗಳ ಅಹವಾಲು ಆಲಿಸಲಾಯಿತು. ಕುಡಿಯುವ ನೀರು, ರಸ್ತೆ, ಕಂದಾಯ ಇಲಾಖೆ ಸಮಸ್ಯೆಗಳ ಕುರಿತ ದೂರುಗಳೇ ಹೆಚ್ಚಾಗಿದ್ದವು.

ಬಾಕಿ ಉಳಿದ ಅರ್ಜಿಗಳ ವಿಚಾರಣೆಯನ್ನು ಮುಂದಿನ ತಿಂಗಳು ನಡೆಸಲಾಗುವುದು. 14 ಅರ್ಜಿಗಳ ಕುರಿತು ವರದಿ ಸಲ್ಲಿಸುವಂತೆ ಅಧಿಕಾರಿಗಳಿಗೆ ಸೂಚಿಸಲಾಯಿತು.

5 ಸ್ವಯಂ ಪ್ರೇರಿತ ದೂರುಗಳನ್ನು ದಾಖಲಿಸಿಕೊಳ್ಳಲಾಯಿತು. ಅಧಿಕಾರಿಗಳು ಸಮಯಕ್ಕೆ ಸರಿಯಾಗಿ ವರದಿ ಸಲ್ಲಿಸಬೇಕು ಎಂದು ಎಚ್ಚರಿಕೆ ನೀಡಿದರು.

ಕರ್ನಾಟಕ ಲೋಕಾ
KARNATAKA LOKA
